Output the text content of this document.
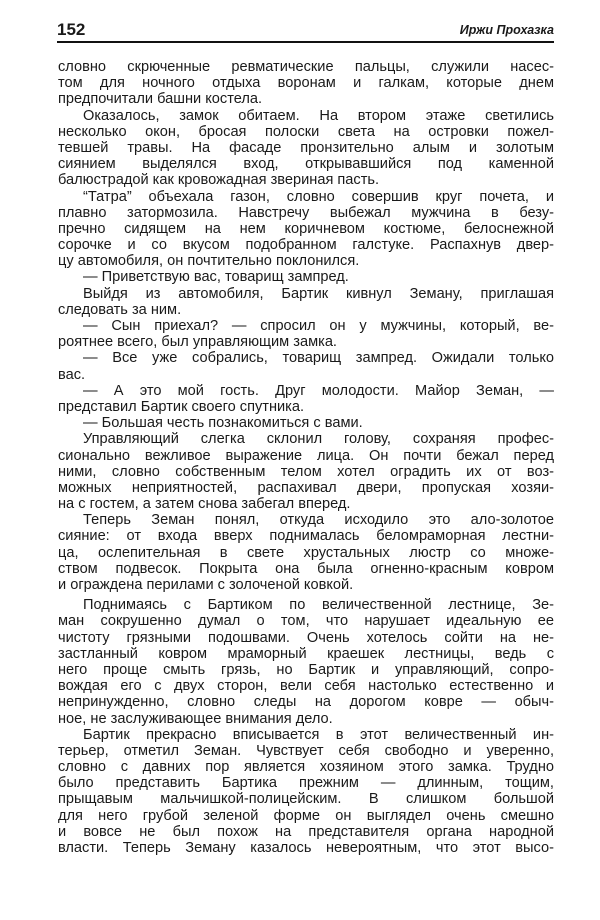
152	Иржи Прохазка
словно скрюченные ревматические пальцы, служили насес-
том для ночного отдыха воронам и галкам, которые днем
предпочитали башни костела.
Оказалось, замок обитаем. На втором этаже светились
несколько окон, бросая полоски света на островки пожел-
тевшей травы. На фасаде пронзительно алым и золотым
сиянием выделялся вход, открывавшийся под каменной
балюстрадой как кровожадная звериная пасть.
“Татра” объехала газон, словно совершив круг почета, и
плавно затормозила. Навстречу выбежал мужчина в безу-
пречно сидящем на нем коричневом костюме, белоснежной
сорочке и со вкусом подобранном галстуке. Распахнув двер-
цу автомобиля, он почтительно поклонился.
— Приветствую вас, товарищ зампред.
Выйдя из автомобиля, Бартик кивнул Земану, приглашая
следовать за ним.
— Сын приехал? — спросил он у мужчины, который, ве-
роятнее всего, был управляющим замка.
— Все уже собрались, товарищ зампред. Ожидали только
вас.
— А это мой гость. Друг молодости. Майор Земан, —
представил Бартик своего спутника.
— Большая честь познакомиться с вами.
Управляющий слегка склонил голову, сохраняя профес-
сионально вежливое выражение лица. Он почти бежал перед
ними, словно собственным телом хотел оградить их от воз-
можных неприятностей, распахивал двери, пропуская хозяи-
на с гостем, а затем снова забегал вперед.
Теперь Земан понял, откуда исходило это ало-золотое
сияние: от входа вверх поднималась беломраморная лестни-
ца, ослепительная в свете хрустальных люстр со множе-
ством подвесок. Покрыта она была огненно-красным ковром
и ограждена перилами с золоченой ковкой.
Поднимаясь с Бартиком по величественной лестнице, Зе-
ман сокрушенно думал о том, что нарушает идеальную ее
чистоту грязными подошвами. Очень хотелось сойти на не-
застланный ковром мраморный краешек лестницы, ведь с
него проще смыть грязь, но Бартик и управляющий, сопро-
вождая его с двух сторон, вели себя настолько естественно и
непринужденно, словно следы на дорогом ковре — обыч-
ное, не заслуживающее внимания дело.
Бартик прекрасно вписывается в этот величественный ин-
терьер, отметил Земан. Чувствует себя свободно и уверенно,
словно с давних пор является хозяином этого замка. Трудно
было представить Бартика прежним — длинным, тощим,
прыщавым мальчишкой-полицейским. В слишком большой
для него грубой зеленой форме он выглядел очень смешно
и вовсе не был похож на представителя органа народной
власти. Теперь Земану казалось невероятным, что этот высо-
